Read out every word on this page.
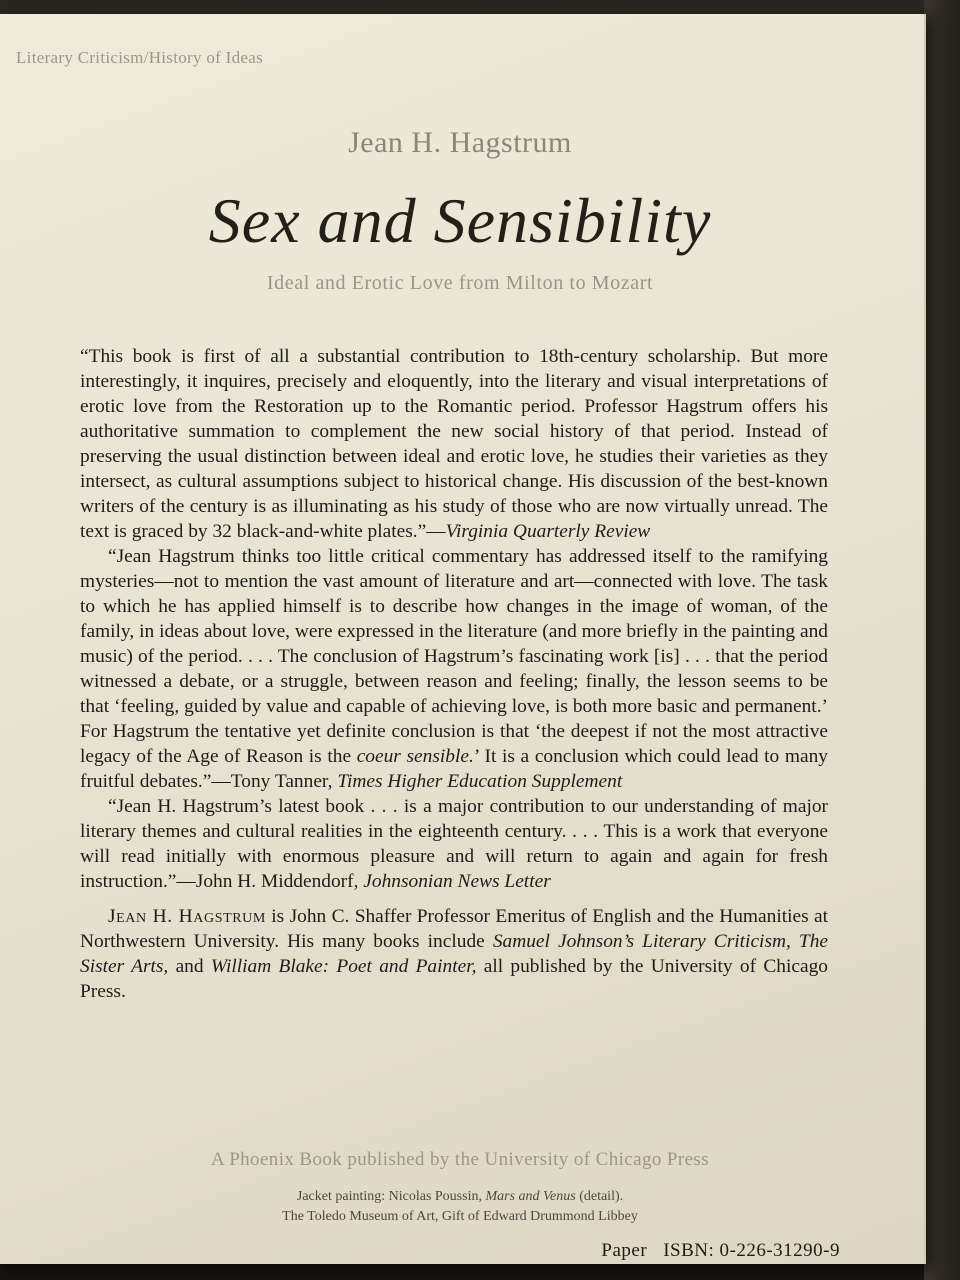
Literary Criticism/History of Ideas
Jean H. Hagstrum
Sex and Sensibility
Ideal and Erotic Love from Milton to Mozart

“This book is first of all a substantial contribution to 18th-century scholarship. But more interestingly, it inquires, precisely and eloquently, into the literary and visual interpretations of erotic love from the Restoration up to the Romantic period. Professor Hagstrum offers his authoritative summation to complement the new social history of that period. Instead of preserving the usual distinction between ideal and erotic love, he studies their varieties as they intersect, as cultural assumptions subject to historical change. His discussion of the best-known writers of the century is as illuminating as his study of those who are now virtually unread. The text is graced by 32 black-and-white plates.”—Virginia Quarterly Review

“Jean Hagstrum thinks too little critical commentary has addressed itself to the ramifying mysteries—not to mention the vast amount of literature and art—connected with love. The task to which he has applied himself is to describe how changes in the image of woman, of the family, in ideas about love, were expressed in the literature (and more briefly in the painting and music) of the period. . . . The conclusion of Hagstrum’s fascinating work [is] . . . that the period witnessed a debate, or a struggle, between reason and feeling; finally, the lesson seems to be that ‘feeling, guided by value and capable of achieving love, is both more basic and permanent.’ For Hagstrum the tentative yet definite conclusion is that ‘the deepest if not the most attractive legacy of the Age of Reason is the coeur sensible.’ It is a conclusion which could lead to many fruitful debates.”—Tony Tanner, Times Higher Education Supplement

“Jean H. Hagstrum’s latest book . . . is a major contribution to our understanding of major literary themes and cultural realities in the eighteenth century. . . . This is a work that everyone will read initially with enormous pleasure and will return to again and again for fresh instruction.”—John H. Middendorf, Johnsonian News Letter

Jean H. Hagstrum is John C. Shaffer Professor Emeritus of English and the Humanities at Northwestern University. His many books include Samuel Johnson’s Literary Criticism, The Sister Arts, and William Blake: Poet and Painter, all published by the University of Chicago Press.

A Phoenix Book published by the University of Chicago Press
Jacket painting: Nicolas Poussin, Mars and Venus (detail).
The Toledo Museum of Art, Gift of Edward Drummond Libbey
Paper ISBN: 0-226-31290-9
